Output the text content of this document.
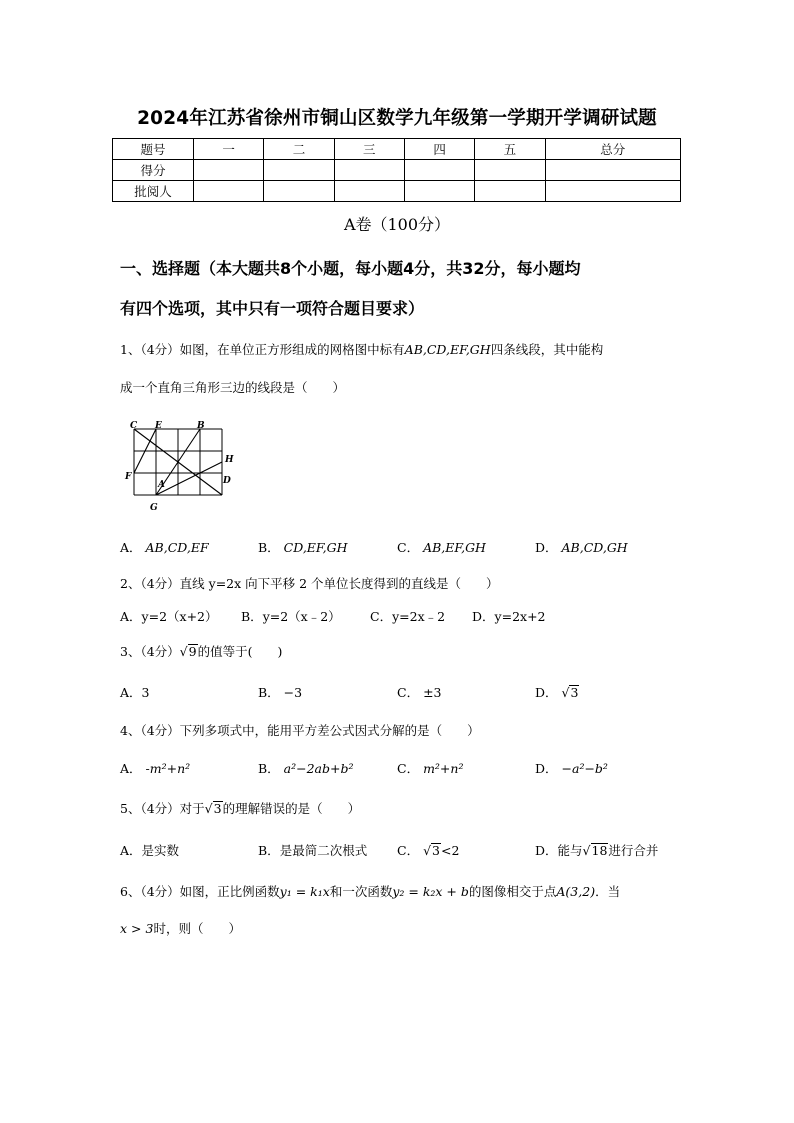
2024年江苏省徐州市铜山区数学九年级第一学期开学调研试题
题号	一	二	三	四	五	总分
得分						
批阅人						
A卷（100分）
一、选择题（本大题共8个小题，每小题4分，共32分，每小题均
有四个选项，其中只有一项符合题目要求）
1、（4分）如图，在单位正方形组成的网格图中标有AB,CD,EF,GH四条线段，其中能构
成一个直角三角形三边的线段是（　　）
C E	B
H
F
A	D
G
A． AB,CD,EF	B． CD,EF,GH	C． AB,EF,GH	D． AB,CD,GH
2、（4分）直线 y=2x 向下平移 2 个单位长度得到的直线是（　　）
A．y=2（x+2） B．y=2（x﹣2） C．y=2x﹣2 D．y=2x+2
3、（4分）√9的值等于(　　)
A．3	B． −3	C． ±3	D． √3
4、（4分）下列多项式中，能用平方差公式因式分解的是（　　）
A． -m²+n²	B． a²−2ab+b²	C． m²+n²	D． −a²−b²
5、（4分）对于√3的理解错误的是（　　）
A．是实数	B．是最简二次根式 C． √3<2	D．能与√18进行合并
6、（4分）如图，正比例函数y₁ = k₁x和一次函数y₂ = k₂x + b的图像相交于点A(3,2)．当
x > 3时，则（　　）
